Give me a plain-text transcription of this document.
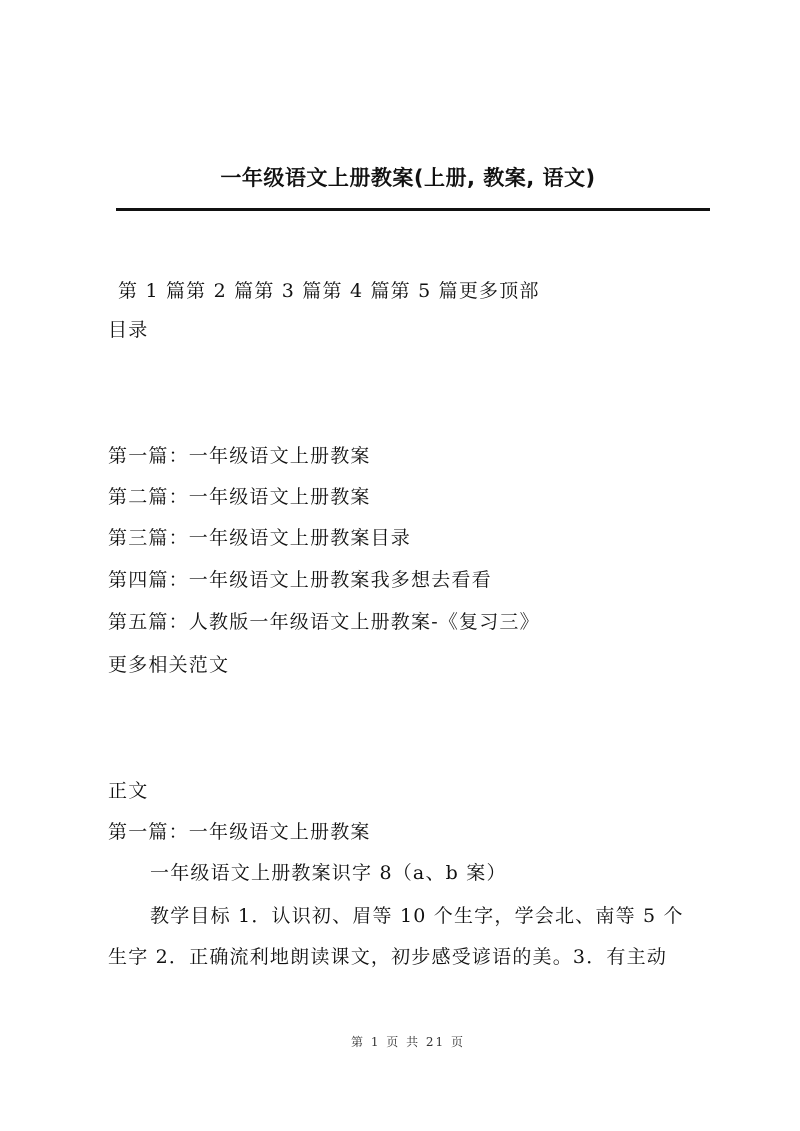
一年级语文上册教案(上册, 教案, 语文)
第 1 篇第 2 篇第 3 篇第 4 篇第 5 篇更多顶部
目录
第一篇：一年级语文上册教案
第二篇：一年级语文上册教案
第三篇：一年级语文上册教案目录
第四篇：一年级语文上册教案我多想去看看
第五篇：人教版一年级语文上册教案-《复习三》
更多相关范文
正文
第一篇：一年级语文上册教案
一年级语文上册教案识字 8（a、b 案）
教学目标 1．认识初、眉等 10 个生字，学会北、南等 5 个
生字 2．正确流利地朗读课文，初步感受谚语的美。3．有主动
第 1 页 共 21 页
